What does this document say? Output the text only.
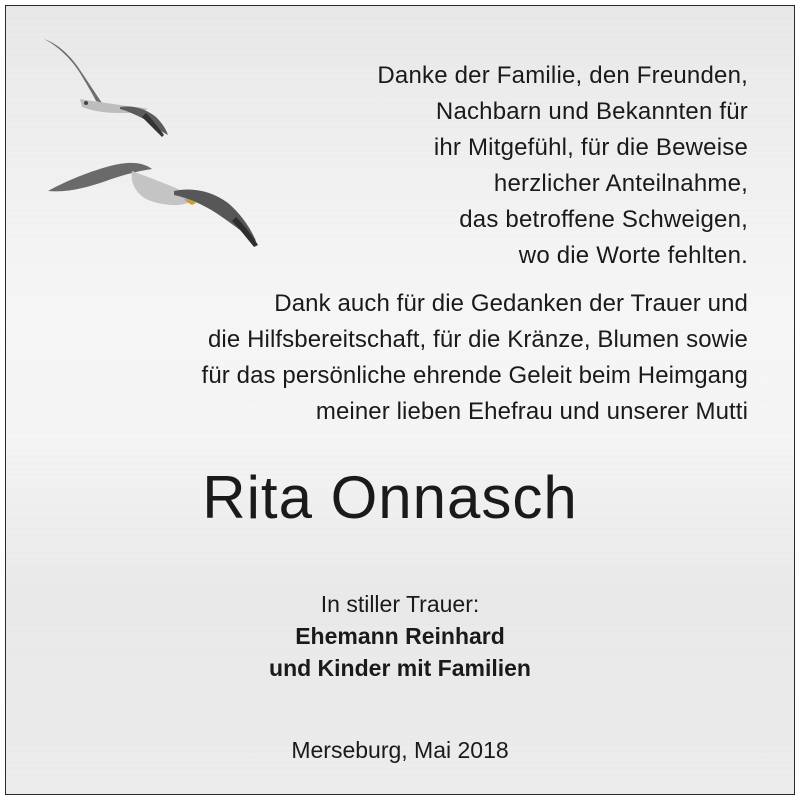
Danke der Familie, den Freunden,
Nachbarn und Bekannten für
ihr Mitgefühl, für die Beweise
herzlicher Anteilnahme,
das betroffene Schweigen,
wo die Worte fehlten.
Dank auch für die Gedanken der Trauer und
die Hilfsbereitschaft, für die Kränze, Blumen sowie
für das persönliche ehrende Geleit beim Heimgang
meiner lieben Ehefrau und unserer Mutti
Rita Onnasch
In stiller Trauer:
Ehemann Reinhard
und Kinder mit Familien
Merseburg, Mai 2018
